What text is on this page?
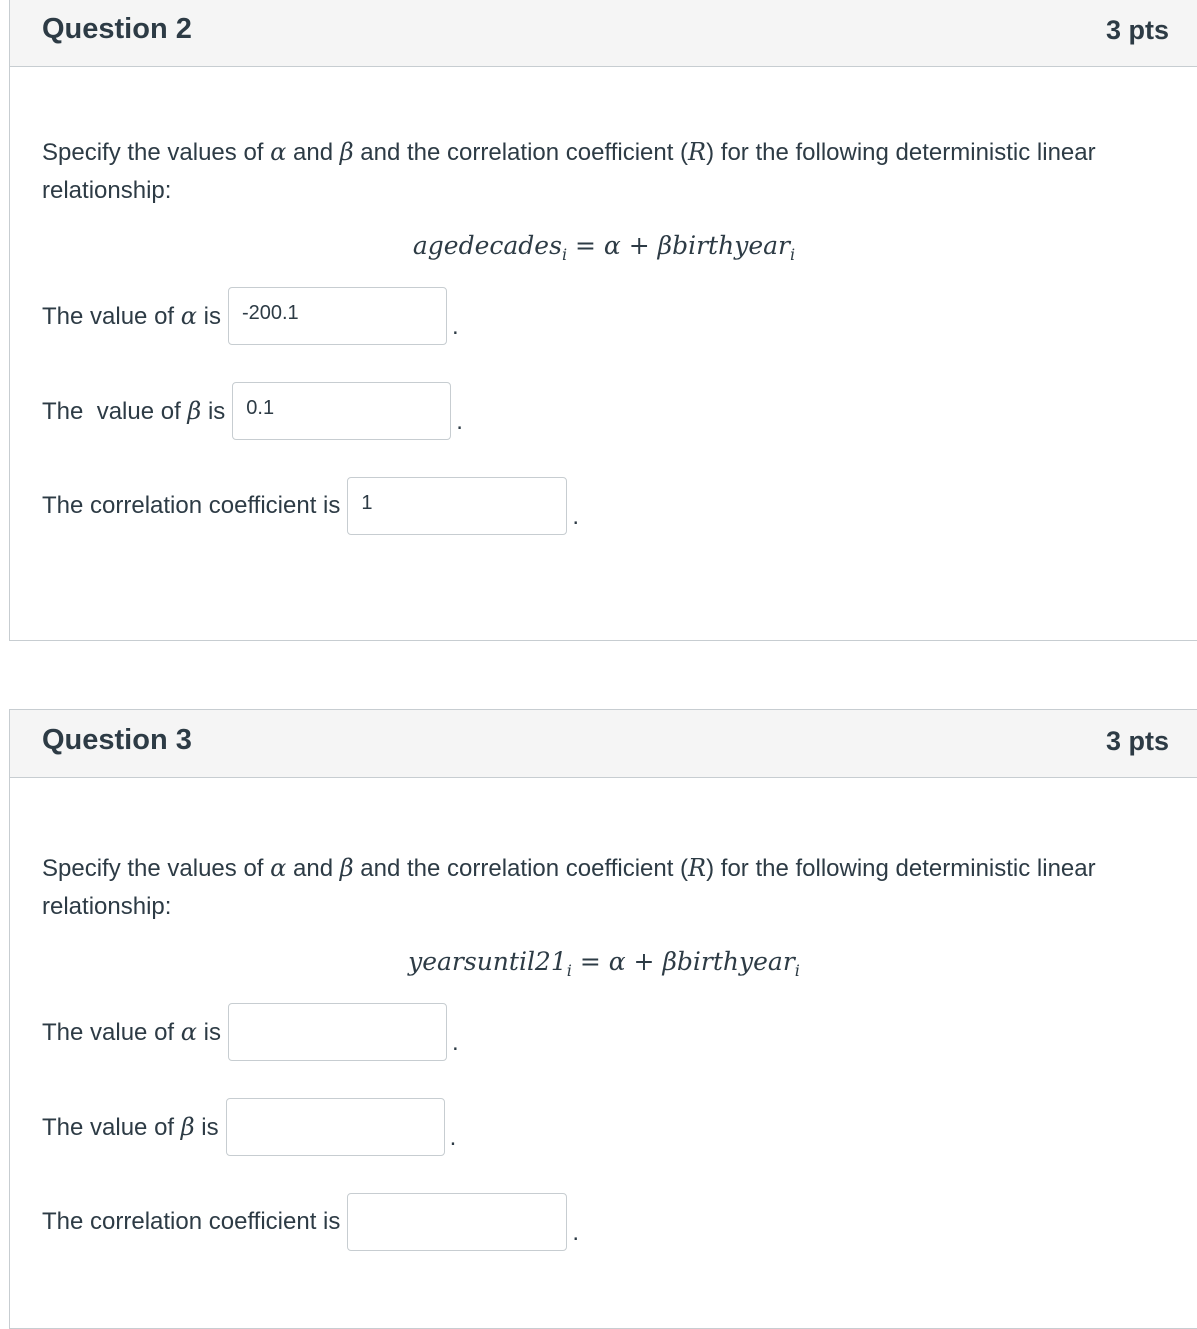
Question 2	3 pts
Specify the values of α and β and the correlation coefficient (R) for the following deterministic linear relationship:
agedecades$_i$ = α + βbirthyear$_i$
The value of α is	-200.1	.
The  value of β is	0.1	.
The correlation coefficient is	1	.
Question 3	3 pts
Specify the values of α and β and the correlation coefficient (R) for the following deterministic linear relationship:
$yearsuntil21_i = \alpha$ + βbirthyear$_i$
The value of α is	.
The value of β is	.
The correlation coefficient is	.
